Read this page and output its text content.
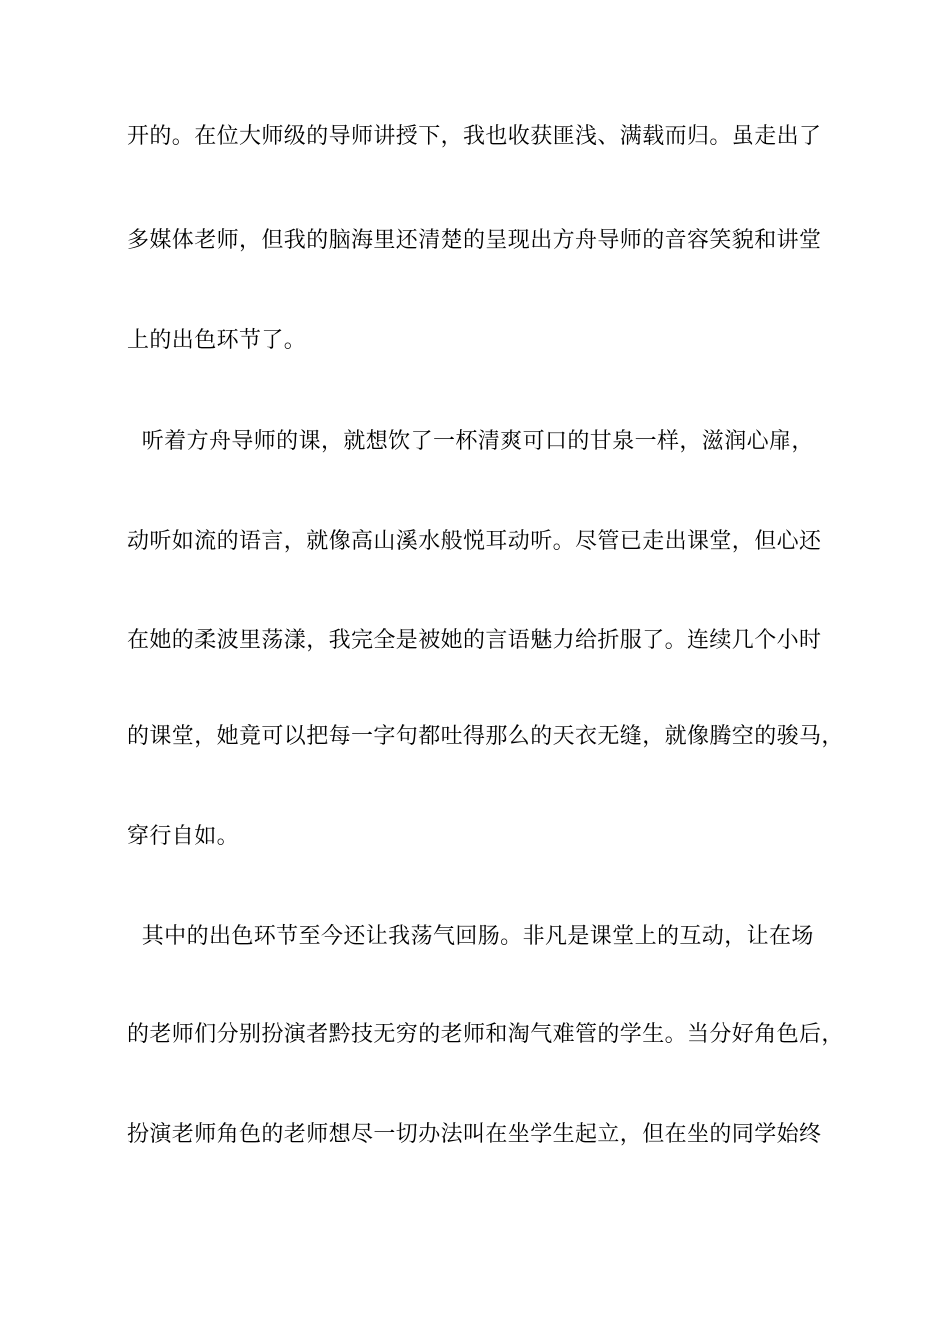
开的。在位大师级的导师讲授下，我也收获匪浅、满载而归。虽走出了
多媒体老师，但我的脑海里还清楚的呈现出方舟导师的音容笑貌和讲堂
上的出色环节了。
听着方舟导师的课，就想饮了一杯清爽可口的甘泉一样，滋润心扉，
动听如流的语言，就像高山溪水般悦耳动听。尽管已走出课堂，但心还
在她的柔波里荡漾，我完全是被她的言语魅力给折服了。连续几个小时
的课堂，她竟可以把每一字句都吐得那么的天衣无缝，就像腾空的骏马，
穿行自如。
其中的出色环节至今还让我荡气回肠。非凡是课堂上的互动，让在场
的老师们分别扮演者黔技无穷的老师和淘气难管的学生。当分好角色后，
扮演老师角色的老师想尽一切办法叫在坐学生起立，但在坐的同学始终
